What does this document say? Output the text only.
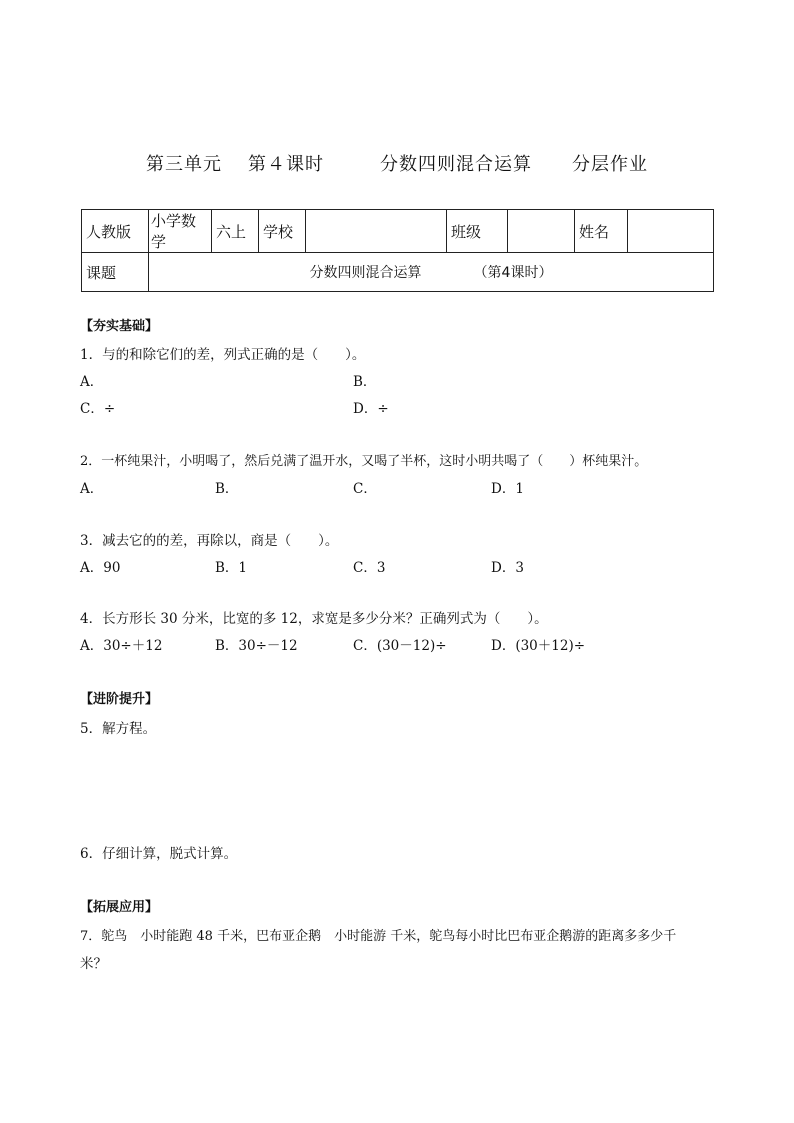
第三单元 第４课时	分数四则混合运算 分层作业
人教版	小学数学	六上	学校		班级		姓名	
课题	分数四则混合运算 （第4课时）							
【夯实基础】
1．与的和除它们的差，列式正确的是（　　）。
A．	B．
C．÷	D．÷
2．一杯纯果汁，小明喝了，然后兑满了温开水，又喝了半杯，这时小明共喝了（　　）杯纯果汁。
A．	B．	C．	D．1
3．减去它的的差，再除以，商是（　　）。
A．90	B．1	C．3	D．3
4．长方形长 30 分米，比宽的多 12，求宽是多少分米？正确列式为（　　）。
A．30÷＋12	B．30÷－12	C．(30－12)÷	D．(30＋12)÷
【进阶提升】
5．解方程。
6．仔细计算，脱式计算。
【拓展应用】
7．鸵鸟　小时能跑 48 千米，巴布亚企鹅　小时能游 千米，鸵鸟每小时比巴布亚企鹅游的距离多多少千
米？
